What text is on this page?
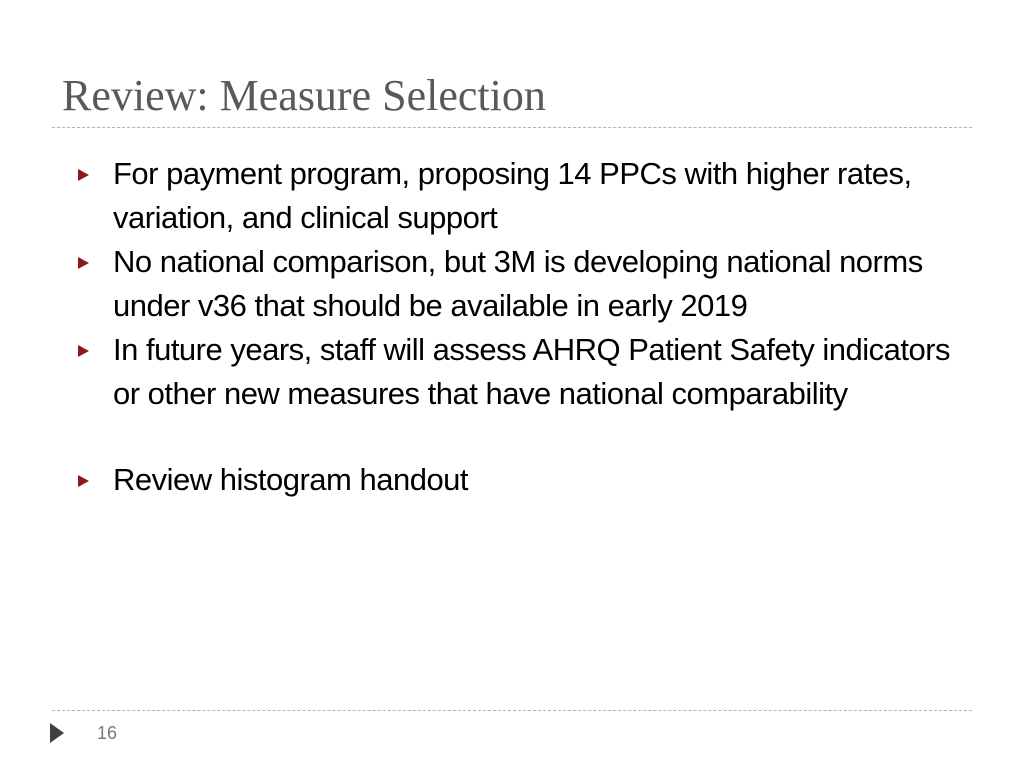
Review: Measure Selection
For payment program, proposing 14 PPCs with higher rates, variation, and clinical support
No national comparison, but 3M is developing national norms under v36 that should be available in early 2019
In future years, staff will assess AHRQ Patient Safety indicators or other new measures that have national comparability
Review histogram handout
16
